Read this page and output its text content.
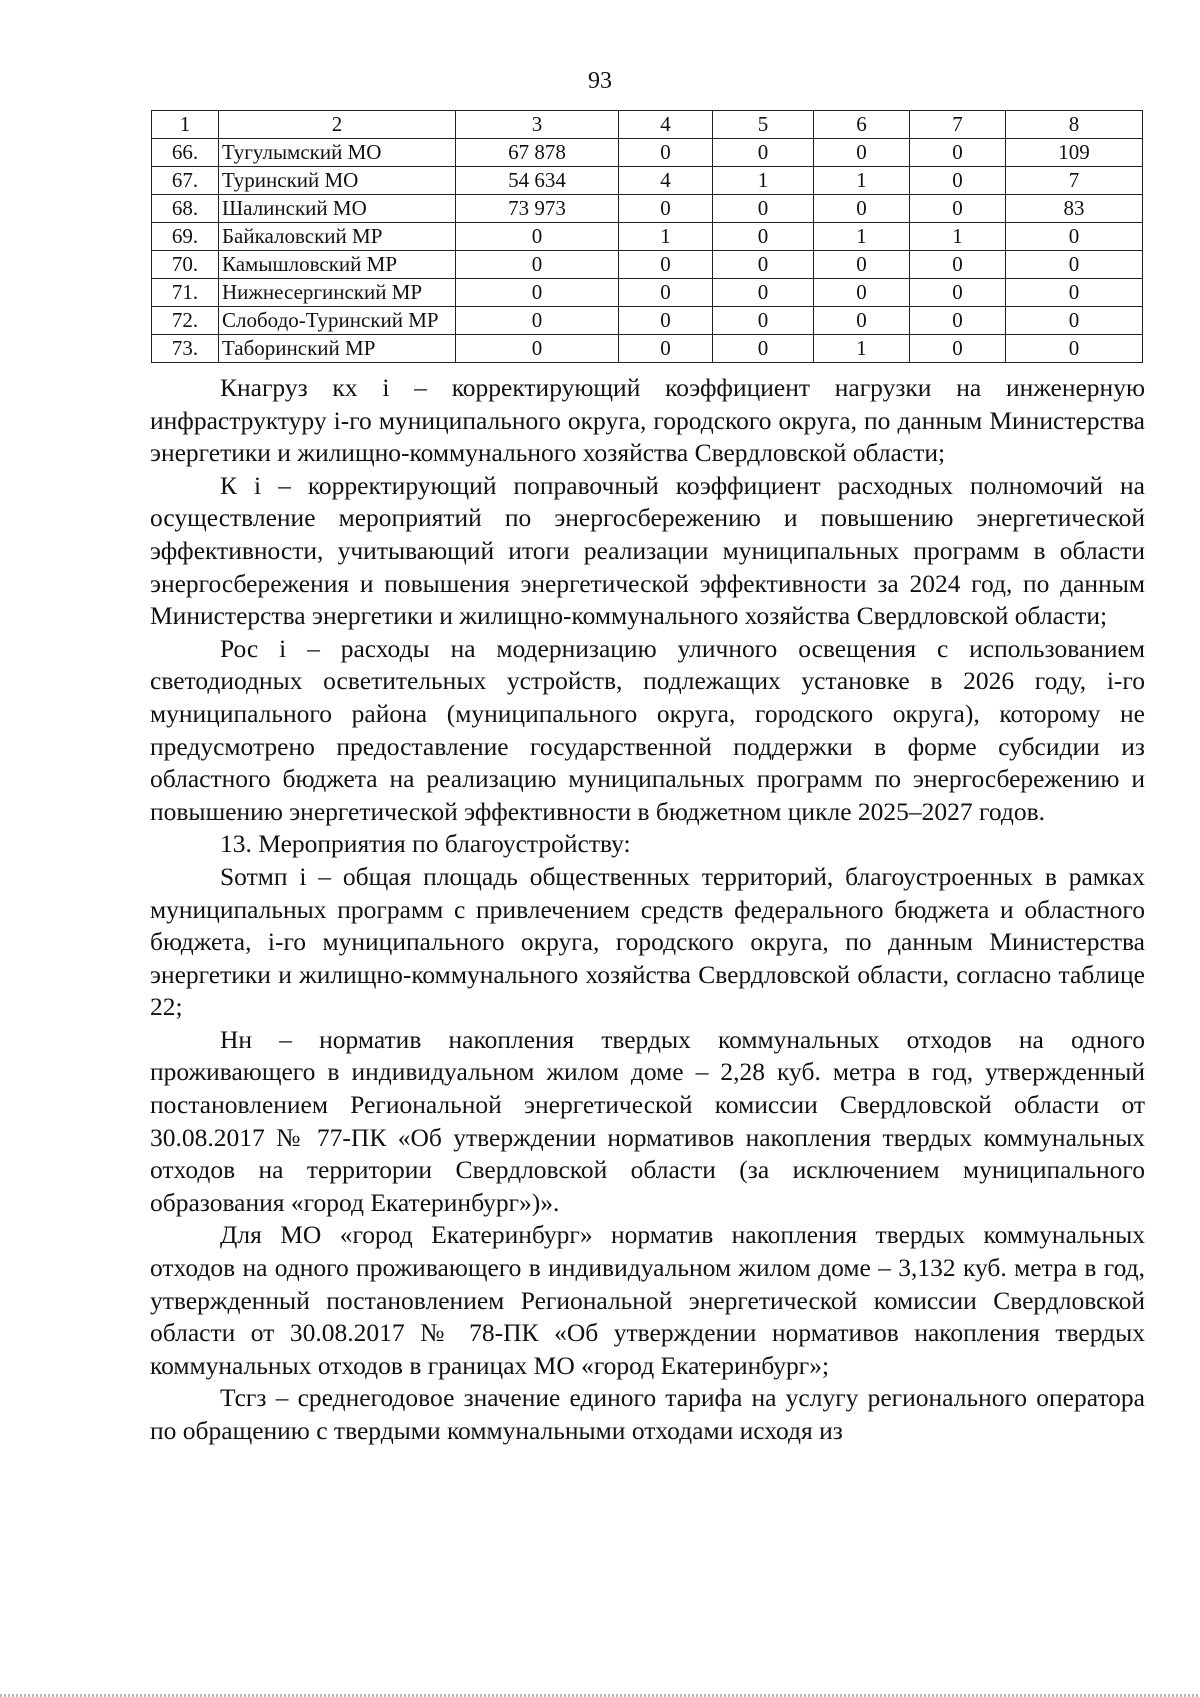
93
1	2	3	4	5	6	7	8
66.	Тугулымский МО	67 878	0	0	0	0	109
67.	Туринский МО	54 634	4	1	1	0	7
68.	Шалинский МО	73 973	0	0	0	0	83
69.	Байкаловский МР	0	1	0	1	1	0
70.	Камышловский МР	0	0	0	0	0	0
71.	Нижнесергинский МР	0	0	0	0	0	0
72.	Слободо-Туринский МР	0	0	0	0	0	0
73.	Таборинский МР	0	0	0	1	0	0

Кнагруз кх i – корректирующий коэффициент нагрузки на инженерную инфраструктуру i-го муниципального округа, городского округа, по данным Министерства энергетики и жилищно-коммунального хозяйства Свердловской области;

К i – корректирующий поправочный коэффициент расходных полномочий на осуществление мероприятий по энергосбережению и повышению энергетической эффективности, учитывающий итоги реализации муниципальных программ в области энергосбережения и повышения энергетической эффективности за 2024 год, по данным Министерства энергетики и жилищно-коммунального хозяйства Свердловской области;

Рос i – расходы на модернизацию уличного освещения с использованием светодиодных осветительных устройств, подлежащих установке в 2026 году, i-го муниципального района (муниципального округа, городского округа), которому не предусмотрено предоставление государственной поддержки в форме субсидии из областного бюджета на реализацию муниципальных программ по энергосбережению и повышению энергетической эффективности в бюджетном цикле 2025–2027 годов.

13. Мероприятия по благоустройству:

Sотмп i – общая площадь общественных территорий, благоустроенных в рамках муниципальных программ с привлечением средств федерального бюджета и областного бюджета, i-го муниципального округа, городского округа, по данным Министерства энергетики и жилищно-коммунального хозяйства Свердловской области, согласно таблице 22;

Нн – норматив накопления твердых коммунальных отходов на одного проживающего в индивидуальном жилом доме – 2,28 куб. метра в год, утвержденный постановлением Региональной энергетической комиссии Свердловской области от 30.08.2017 № 77-ПК «Об утверждении нормативов накопления твердых коммунальных отходов на территории Свердловской области (за исключением муниципального образования «город Екатеринбург»)».

Для МО «город Екатеринбург» норматив накопления твердых коммунальных отходов на одного проживающего в индивидуальном жилом доме – 3,132 куб. метра в год, утвержденный постановлением Региональной энергетической комиссии Свердловской области от 30.08.2017 № 78-ПК «Об утверждении нормативов накопления твердых коммунальных отходов в границах МО «город Екатеринбург»;

Тсгз – среднегодовое значение единого тарифа на услугу регионального оператора по обращению с твердыми коммунальными отходами исходя из
